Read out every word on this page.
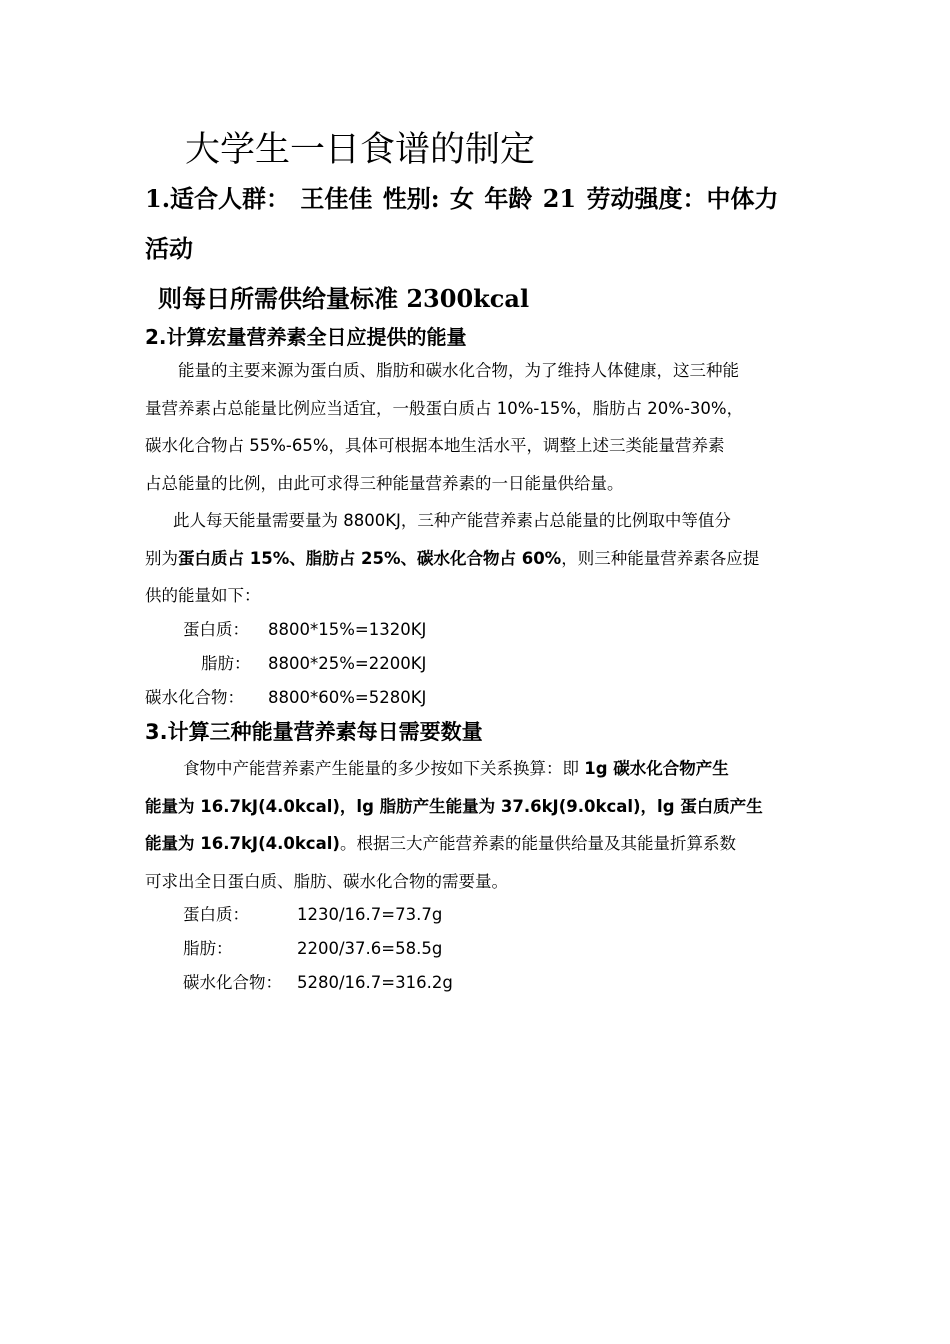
大学生一日食谱的制定
1.适合人群： 王佳佳 性别: 女 年龄 21 劳动强度：中体力
活动
则每日所需供给量标准 2300kcal
2.计算宏量营养素全日应提供的能量
能量的主要来源为蛋白质、脂肪和碳水化合物，为了维持人体健康，这三种能
量营养素占总能量比例应当适宜，一般蛋白质占 10%-15%，脂肪占 20%-30%，
碳水化合物占 55%-65%，具体可根据本地生活水平，调整上述三类能量营养素
占总能量的比例，由此可求得三种能量营养素的一日能量供给量。
此人每天能量需要量为 8800KJ，三种产能营养素占总能量的比例取中等值分
别为蛋白质占 15%、脂肪占 25%、碳水化合物占 60%，则三种能量营养素各应提
供的能量如下：
蛋白质： 8800*15%=1320KJ
脂肪： 8800*25%=2200KJ
碳水化合物： 8800*60%=5280KJ
3.计算三种能量营养素每日需要数量
食物中产能营养素产生能量的多少按如下关系换算：即 1g 碳水化合物产生
能量为 16.7kJ(4.0kcal)，lg 脂肪产生能量为 37.6kJ(9.0kcal)，lg 蛋白质产生
能量为 16.7kJ(4.0kcal)。根据三大产能营养素的能量供给量及其能量折算系数
可求出全日蛋白质、脂肪、碳水化合物的需要量。
蛋白质：	1230/16.7=73.7g
脂肪：	2200/37.6=58.5g
碳水化合物： 5280/16.7=316.2g
